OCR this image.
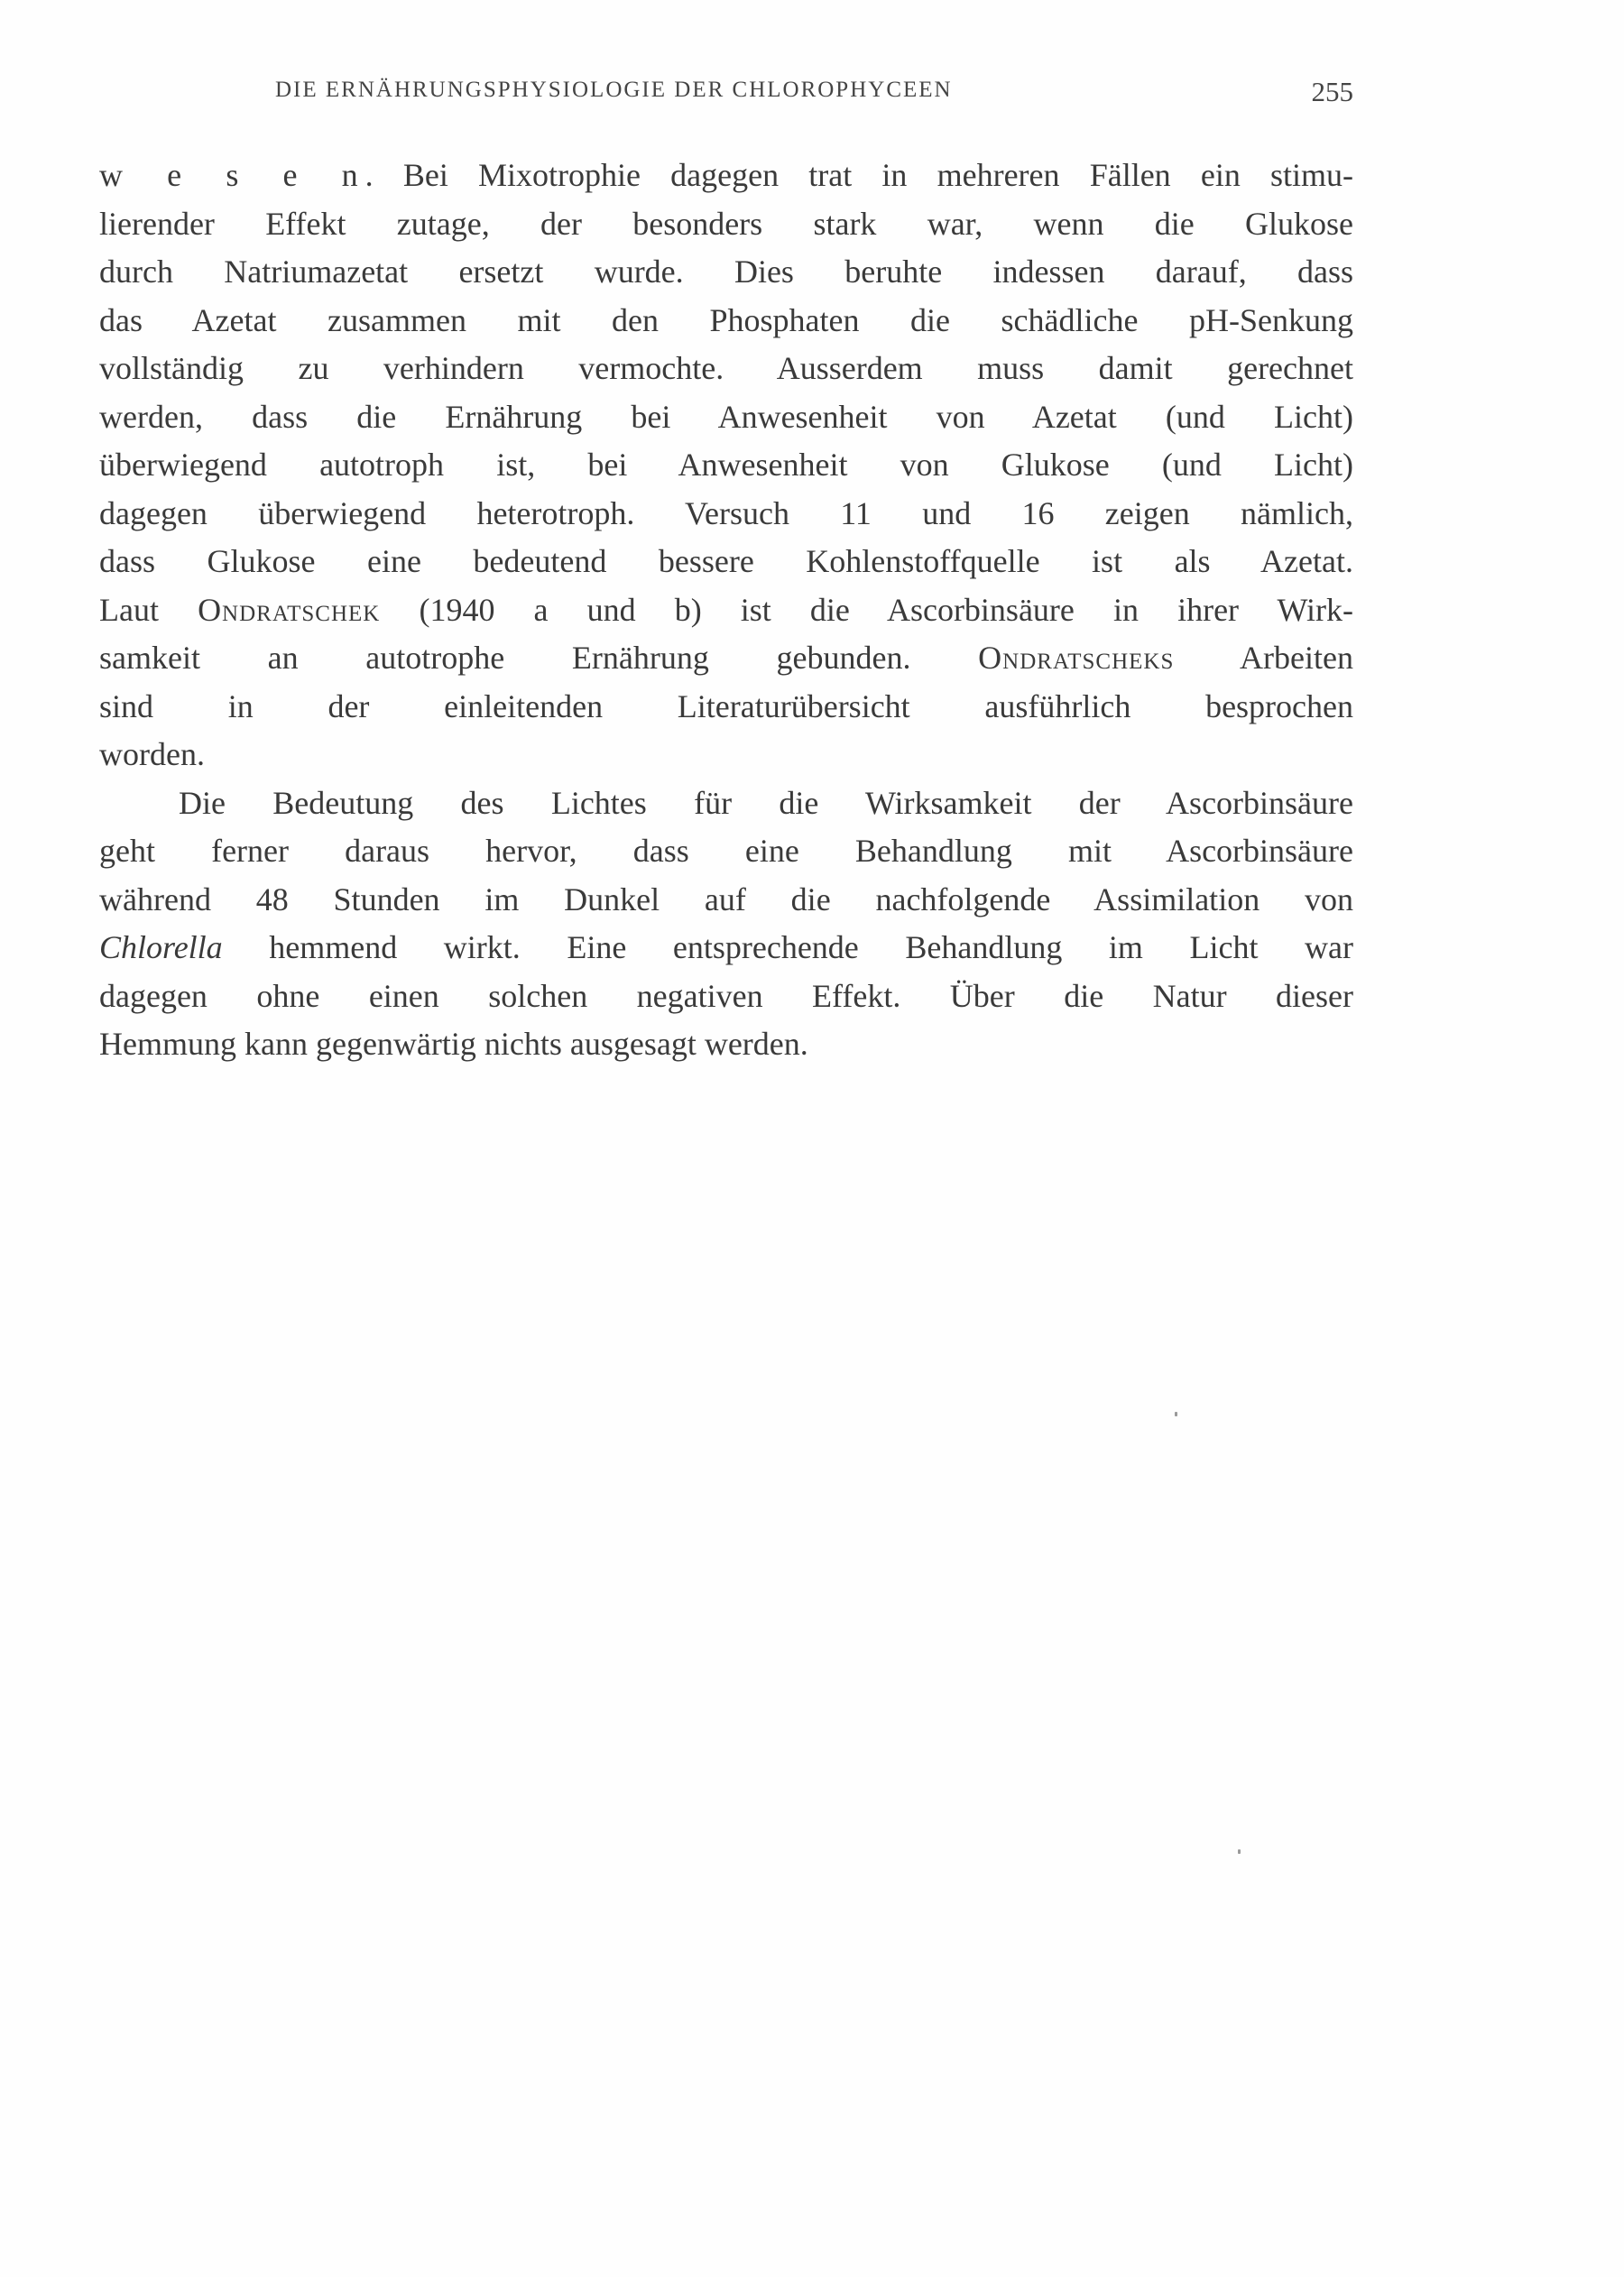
DIE ERNÄHRUNGSPHYSIOLOGIE DER CHLOROPHYCEEN	255
w e s e n. Bei Mixotrophie dagegen trat in mehreren Fällen ein stimu-
lierender Effekt zutage, der besonders stark war, wenn die Glukose
durch Natriumazetat ersetzt wurde. Dies beruhte indessen darauf, dass
das Azetat zusammen mit den Phosphaten die schädliche pH-Senkung
vollständig zu verhindern vermochte. Ausserdem muss damit gerechnet
werden, dass die Ernährung bei Anwesenheit von Azetat (und Licht)
überwiegend autotroph ist, bei Anwesenheit von Glukose (und Licht)
dagegen überwiegend heterotroph. Versuch 11 und 16 zeigen nämlich,
dass Glukose eine bedeutend bessere Kohlenstoffquelle ist als Azetat.
Laut Ondratschek (1940 a und b) ist die Ascorbinsäure in ihrer Wirk-
samkeit an autotrophe Ernährung gebunden. Ondratscheks Arbeiten
sind in der einleitenden Literaturübersicht ausführlich besprochen
worden.
Die Bedeutung des Lichtes für die Wirksamkeit der Ascorbinsäure
geht ferner daraus hervor, dass eine Behandlung mit Ascorbinsäure
während 48 Stunden im Dunkel auf die nachfolgende Assimilation von
Chlorella hemmend wirkt. Eine entsprechende Behandlung im Licht war
dagegen ohne einen solchen negativen Effekt. Über die Natur dieser
Hemmung kann gegenwärtig nichts ausgesagt werden.
